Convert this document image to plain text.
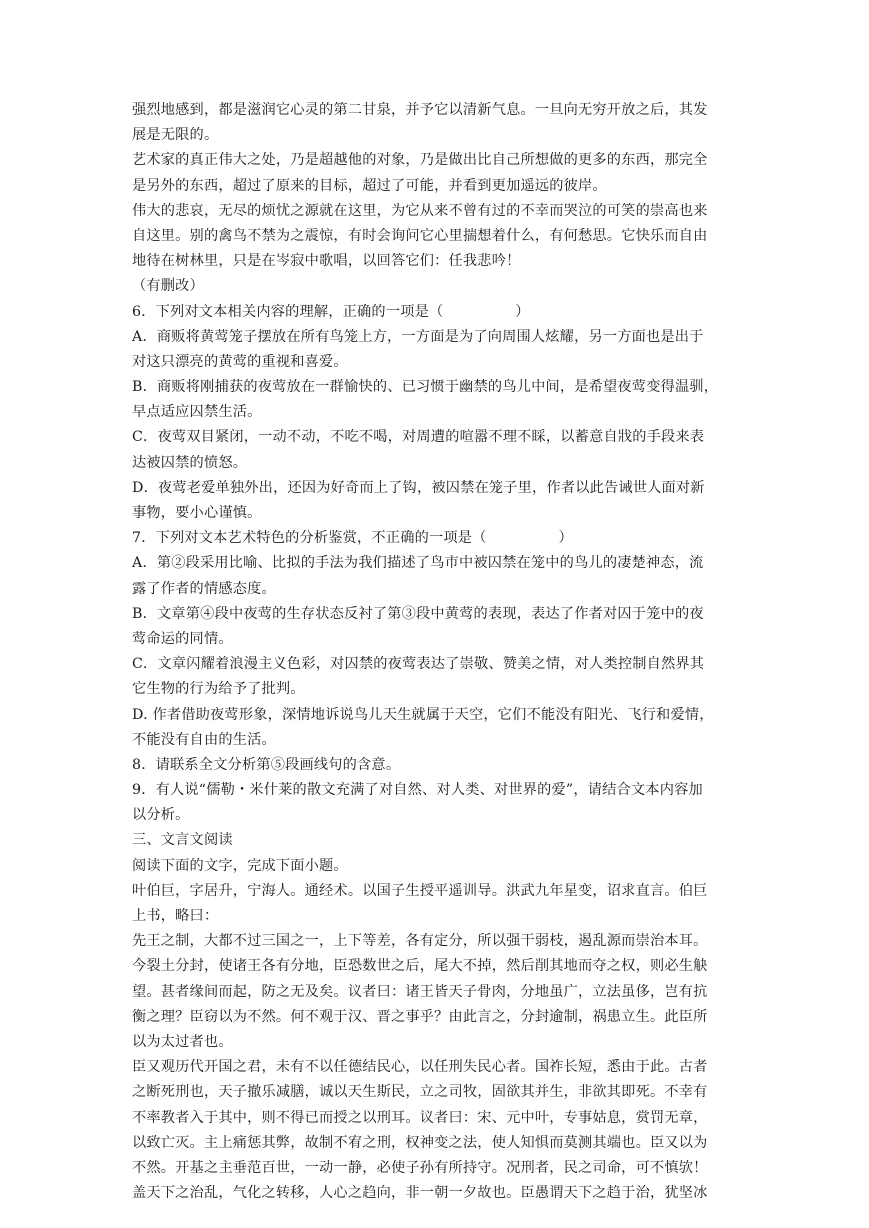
强烈地感到，都是滋润它心灵的第二甘泉，并予它以清新气息。一旦向无穷开放之后，其发
展是无限的。
艺术家的真正伟大之处，乃是超越他的对象，乃是做出比自己所想做的更多的东西，那完全
是另外的东西，超过了原来的目标，超过了可能，并看到更加遥远的彼岸。
伟大的悲哀，无尽的烦忧之源就在这里，为它从来不曾有过的不幸而哭泣的可笑的崇高也来
自这里。别的禽鸟不禁为之震惊，有时会询问它心里揣想着什么，有何愁思。它快乐而自由
地待在树林里，只是在岑寂中歌唱，以回答它们：任我悲吟！
（有删改）
6．下列对文本相关内容的理解，正确的一项是（　　　　　）
A．商贩将黄莺笼子摆放在所有鸟笼上方，一方面是为了向周围人炫耀，另一方面也是出于
对这只漂亮的黄莺的重视和喜爱。
B．商贩将刚捕获的夜莺放在一群愉快的、已习惯于幽禁的鸟儿中间，是希望夜莺变得温驯，
早点适应囚禁生活。
C．夜莺双目紧闭，一动不动，不吃不喝，对周遭的喧嚣不理不睬，以蓄意自戕的手段来表
达被囚禁的愤怒。
D．夜莺老爱单独外出，还因为好奇而上了钩，被囚禁在笼子里，作者以此告诫世人面对新
事物，要小心谨慎。
7．下列对文本艺术特色的分析鉴赏，不正确的一项是（　　　　　）
A．第②段采用比喻、比拟的手法为我们描述了鸟市中被囚禁在笼中的鸟儿的凄楚神态，流
露了作者的情感态度。
B．文章第④段中夜莺的生存状态反衬了第③段中黄莺的表现，表达了作者对囚于笼中的夜
莺命运的同情。
C．文章闪耀着浪漫主义色彩，对囚禁的夜莺表达了崇敬、赞美之情，对人类控制自然界其
它生物的行为给予了批判。
D. 作者借助夜莺形象，深情地诉说鸟儿天生就属于天空，它们不能没有阳光、飞行和爱情，
不能没有自由的生活。
8．请联系全文分析第⑤段画线句的含意。
9．有人说“儒勒・米什莱的散文充满了对自然、对人类、对世界的爱”，请结合文本内容加
以分析。
三、文言文阅读
阅读下面的文字，完成下面小题。
叶伯巨，字居升，宁海人。通经术。以国子生授平遥训导。洪武九年星变，诏求直言。伯巨
上书，略曰：
先王之制，大都不过三国之一，上下等差，各有定分，所以强干弱枝，遏乱源而崇治本耳。
今裂土分封，使诸王各有分地，臣恐数世之后，尾大不掉，然后削其地而夺之权，则必生觖
望。甚者缘间而起，防之无及矣。议者曰：诸王皆天子骨肉，分地虽广，立法虽侈，岂有抗
衡之理？臣窃以为不然。何不观于汉、晋之事乎？由此言之，分封逾制，祸患立生。此臣所
以为太过者也。
臣又观历代开国之君，未有不以任德结民心，以任刑失民心者。国祚长短，悉由于此。古者
之断死刑也，天子撤乐减膳，诚以天生斯民，立之司牧，固欲其并生，非欲其即死。不幸有
不率教者入于其中，则不得已而授之以刑耳。议者曰：宋、元中叶，专事姑息，赏罚无章，
以致亡灭。主上痛惩其弊，故制不宥之刑，权神变之法，使人知惧而莫测其端也。臣又以为
不然。开基之主垂范百世，一动一静，必使子孙有所持守。况刑者，民之司命，可不慎欤！
盖天下之治乱，气化之转移，人心之趋向，非一朝一夕故也。臣愚谓天下之趋于治，犹坚冰
